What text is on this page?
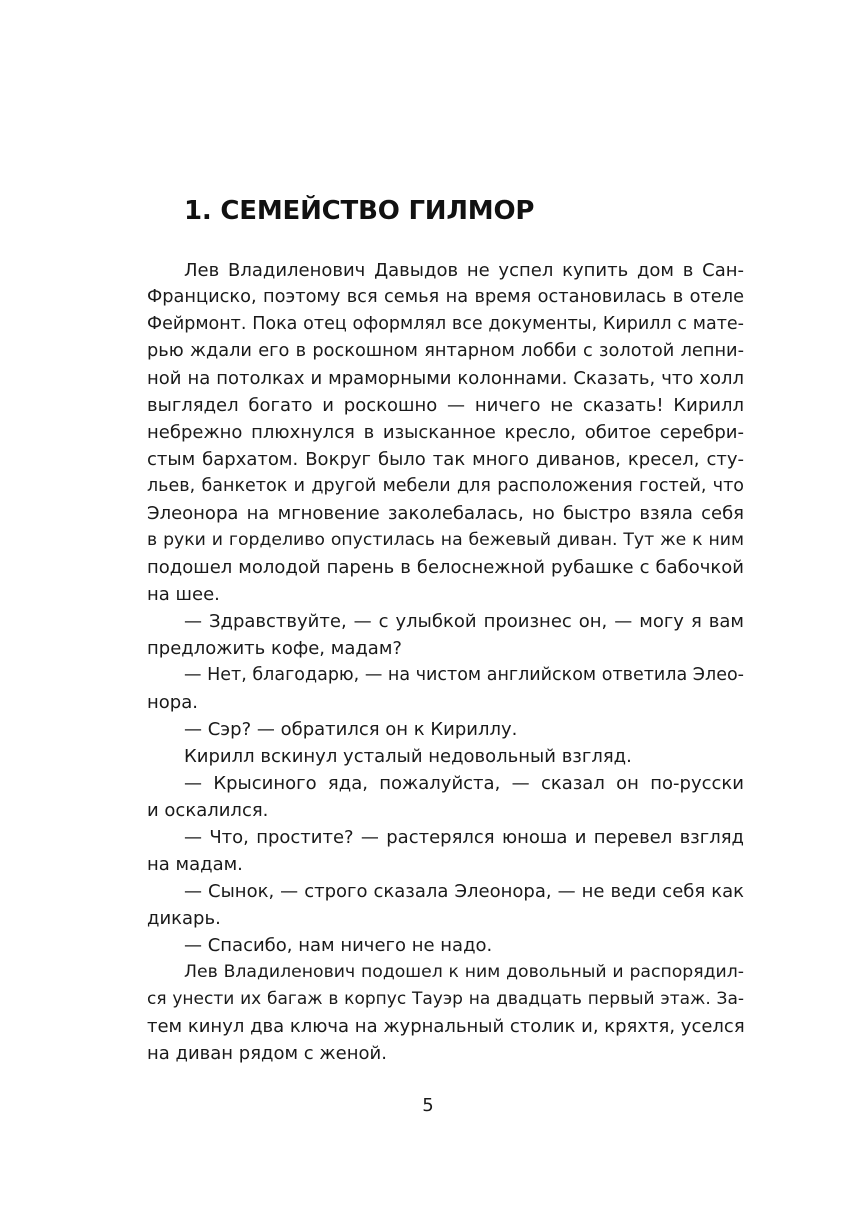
1. СЕМЕЙСТВО ГИЛМОР
Лев Владиленович Давыдов не успел купить дом в Сан-
Франциско, поэтому вся семья на время остановилась в отеле
Фейрмонт. Пока отец оформлял все документы, Кирилл с мате-
рью ждали его в роскошном янтарном лобби с золотой лепни-
ной на потолках и мраморными колоннами. Сказать, что холл
выглядел богато и роскошно — ничего не сказать! Кирилл
небрежно плюхнулся в изысканное кресло, обитое серебри-
стым бархатом. Вокруг было так много диванов, кресел, сту-
льев, банкеток и другой мебели для расположения гостей, что
Элеонора на мгновение заколебалась, но быстро взяла себя
в руки и горделиво опустилась на бежевый диван. Тут же к ним
подошел молодой парень в белоснежной рубашке с бабочкой
на шее.
— Здравствуйте, — с улыбкой произнес он, — могу я вам
предложить кофе, мадам?
— Нет, благодарю, — на чистом английском ответила Элео-
нора.
— Сэр? — обратился он к Кириллу.
Кирилл вскинул усталый недовольный взгляд.
— Крысиного яда, пожалуйста, — сказал он по-русски
и оскалился.
— Что, простите? — растерялся юноша и перевел взгляд
на мадам.
— Сынок, — строго сказала Элеонора, — не веди себя как
дикарь.
— Спасибо, нам ничего не надо.
Лев Владиленович подошел к ним довольный и распорядил-
ся унести их багаж в корпус Тауэр на двадцать первый этаж. За-
тем кинул два ключа на журнальный столик и, кряхтя, уселся
на диван рядом с женой.
5
